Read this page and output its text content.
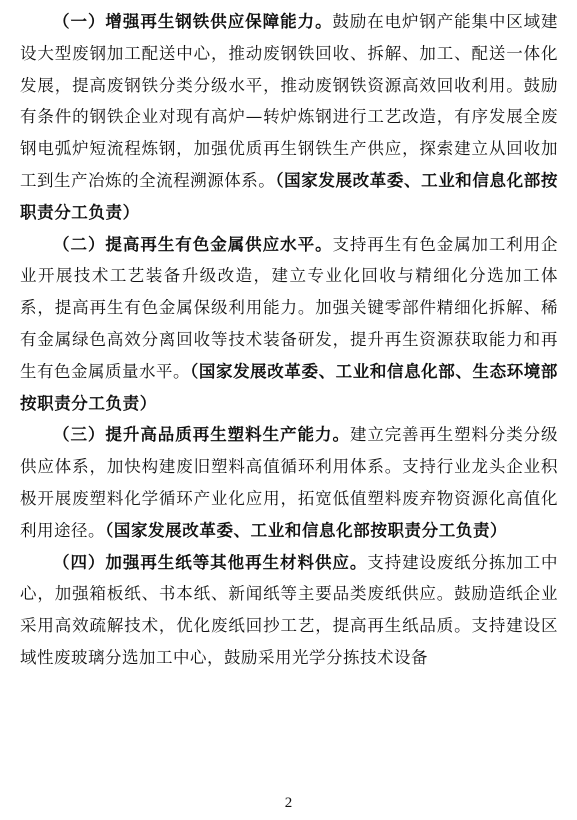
（一）增强再生钢铁供应保障能力。鼓励在电炉钢产能集中区域建设大型废钢加工配送中心，推动废钢铁回收、拆解、加工、配送一体化发展，提高废钢铁分类分级水平，推动废钢铁资源高效回收利用。鼓励有条件的钢铁企业对现有高炉—转炉炼钢进行工艺改造，有序发展全废钢电弧炉短流程炼钢，加强优质再生钢铁生产供应，探索建立从回收加工到生产冶炼的全流程溯源体系。（国家发展改革委、工业和信息化部按职责分工负责）

（二）提高再生有色金属供应水平。支持再生有色金属加工利用企业开展技术工艺装备升级改造，建立专业化回收与精细化分选加工体系，提高再生有色金属保级利用能力。加强关键零部件精细化拆解、稀有金属绿色高效分离回收等技术装备研发，提升再生资源获取能力和再生有色金属质量水平。（国家发展改革委、工业和信息化部、生态环境部按职责分工负责）

（三）提升高品质再生塑料生产能力。建立完善再生塑料分类分级供应体系，加快构建废旧塑料高值循环利用体系。支持行业龙头企业积极开展废塑料化学循环产业化应用，拓宽低值塑料废弃物资源化高值化利用途径。（国家发展改革委、工业和信息化部按职责分工负责）

（四）加强再生纸等其他再生材料供应。支持建设废纸分拣加工中心，加强箱板纸、书本纸、新闻纸等主要品类废纸供应。鼓励造纸企业采用高效疏解技术，优化废纸回抄工艺，提高再生纸品质。支持建设区域性废玻璃分选加工中心，鼓励采用光学分拣技术设备

2
